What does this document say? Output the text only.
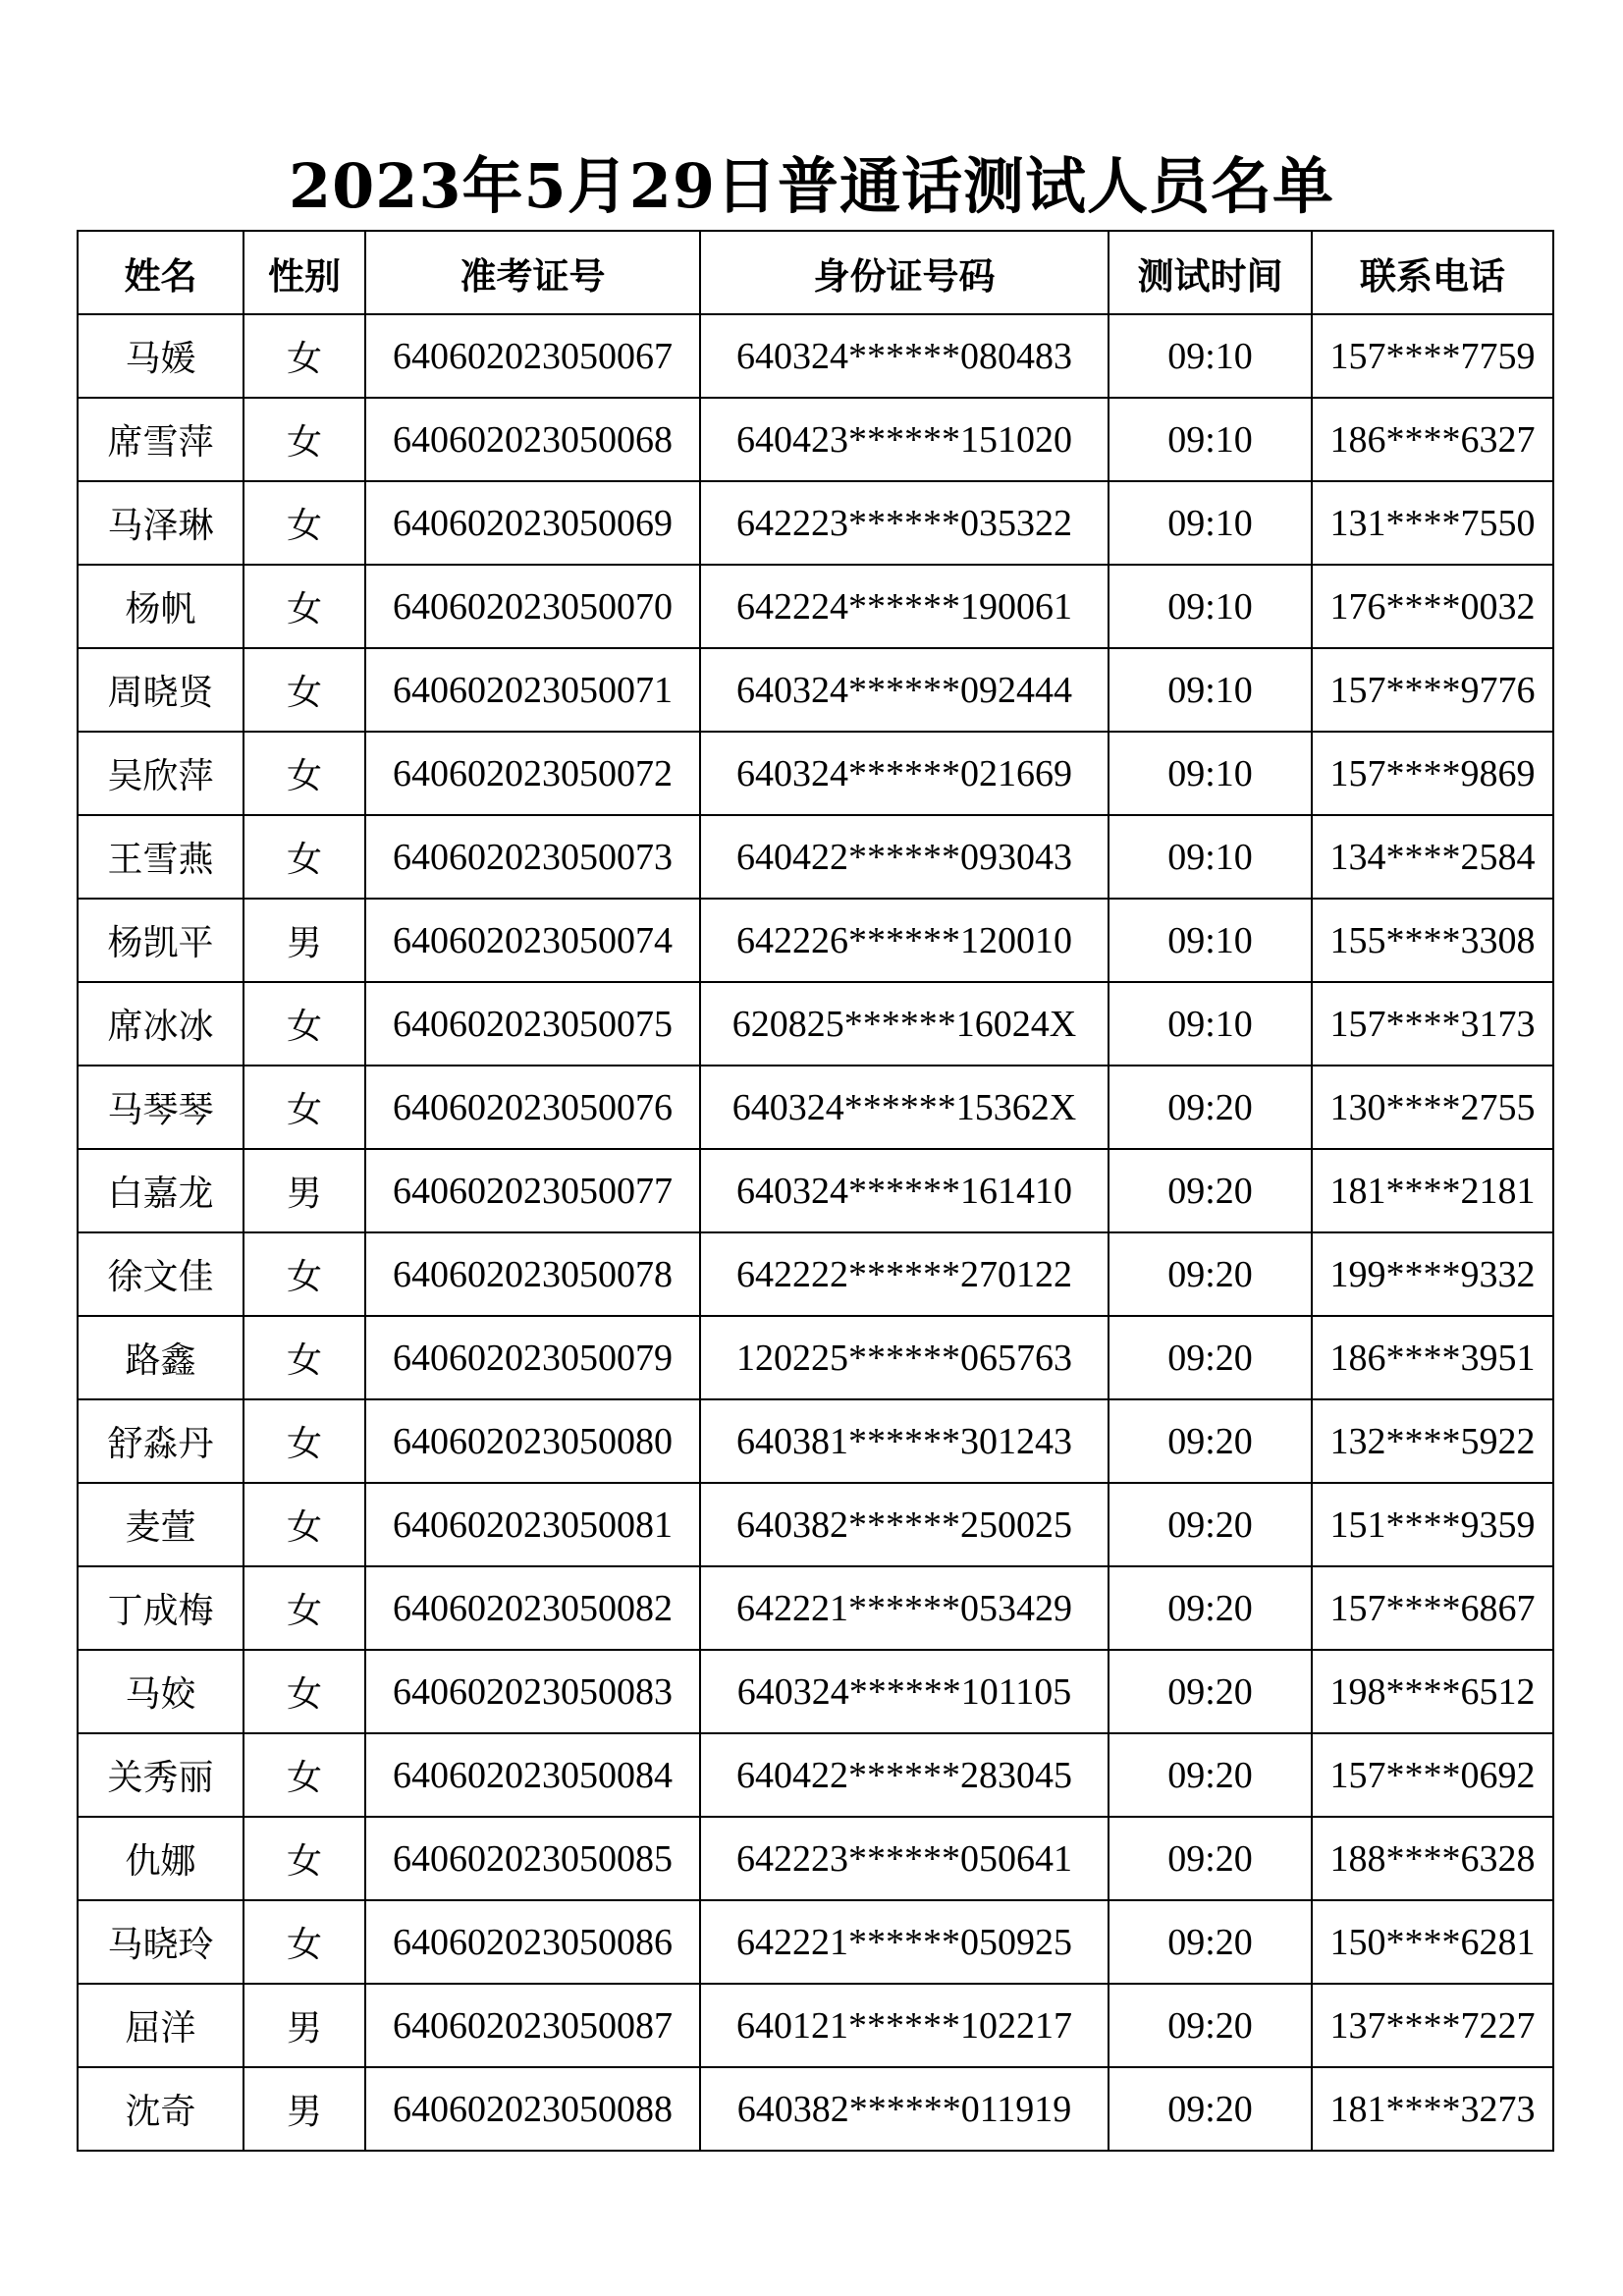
2023年5月29日普通话测试人员名单
姓名	性别	准考证号	身份证号码	测试时间	联系电话
马媛	女	640602023050067	640324******080483	09:10	157****7759
席雪萍	女	640602023050068	640423******151020	09:10	186****6327
马泽琳	女	640602023050069	642223******035322	09:10	131****7550
杨帆	女	640602023050070	642224******190061	09:10	176****0032
周晓贤	女	640602023050071	640324******092444	09:10	157****9776
吴欣萍	女	640602023050072	640324******021669	09:10	157****9869
王雪燕	女	640602023050073	640422******093043	09:10	134****2584
杨凯平	男	640602023050074	642226******120010	09:10	155****3308
席冰冰	女	640602023050075	620825******16024X	09:10	157****3173
马琴琴	女	640602023050076	640324******15362X	09:20	130****2755
白嘉龙	男	640602023050077	640324******161410	09:20	181****2181
徐文佳	女	640602023050078	642222******270122	09:20	199****9332
路鑫	女	640602023050079	120225******065763	09:20	186****3951
舒淼丹	女	640602023050080	640381******301243	09:20	132****5922
麦萱	女	640602023050081	640382******250025	09:20	151****9359
丁成梅	女	640602023050082	642221******053429	09:20	157****6867
马姣	女	640602023050083	640324******101105	09:20	198****6512
关秀丽	女	640602023050084	640422******283045	09:20	157****0692
仇娜	女	640602023050085	642223******050641	09:20	188****6328
马晓玲	女	640602023050086	642221******050925	09:20	150****6281
屈洋	男	640602023050087	640121******102217	09:20	137****7227
沈奇	男	640602023050088	640382******011919	09:20	181****3273
